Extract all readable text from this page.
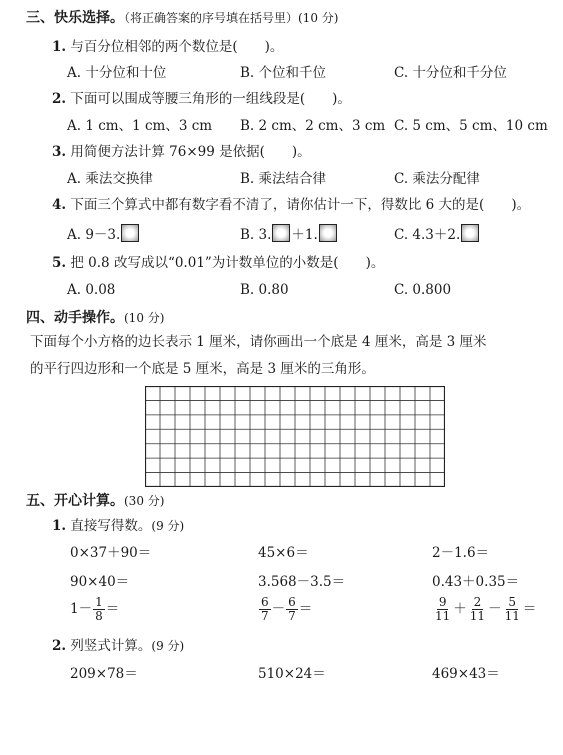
三、快乐选择。（将正确答案的序号填在括号里）(10 分)
1. 与百分位相邻的两个数位是(　　)。
A. 十分位和十位	B. 个位和千位	C. 十分位和千分位
2. 下面可以围成等腰三角形的一组线段是(　　)。
A. 1 cm、1 cm、3 cm B. 2 cm、2 cm、3 cm C. 5 cm、5 cm、10 cm
3. 用简便方法计算 76×99 是依据(　　)。
A. 乘法交换律	B. 乘法结合律	C. 乘法分配律
4. 下面三个算式中都有数字看不清了，请你估计一下，得数比 6 大的是(　　)。
A. 9－3.	B. 3. ＋1.	C. 4.3＋2.
5. 把 0.8 改写成以“0.01”为计数单位的小数是(　　)。
A. 0.08	B. 0.80	C. 0.800
四、动手操作。(10 分)
下面每个小方格的边长表示 1 厘米，请你画出一个底是 4 厘米，高是 3 厘米
的平行四边形和一个底是 5 厘米，高是 3 厘米的三角形。
五、开心计算。(30 分)
1. 直接写得数。(9 分)
0×37＋90＝	45×6＝	2－1.6＝
90×40＝	3.568－3.5＝	0.43＋0.35＝
$1- \frac{1}{8}$ ＝	$\frac{6}{7} - \frac{6}{7}$ ＝	$\frac{9}{11} + \frac{2}{11} - \frac{5}{11}$ ＝
2. 列竖式计算。(9 分)
209×78＝	510×24＝	469×43＝
